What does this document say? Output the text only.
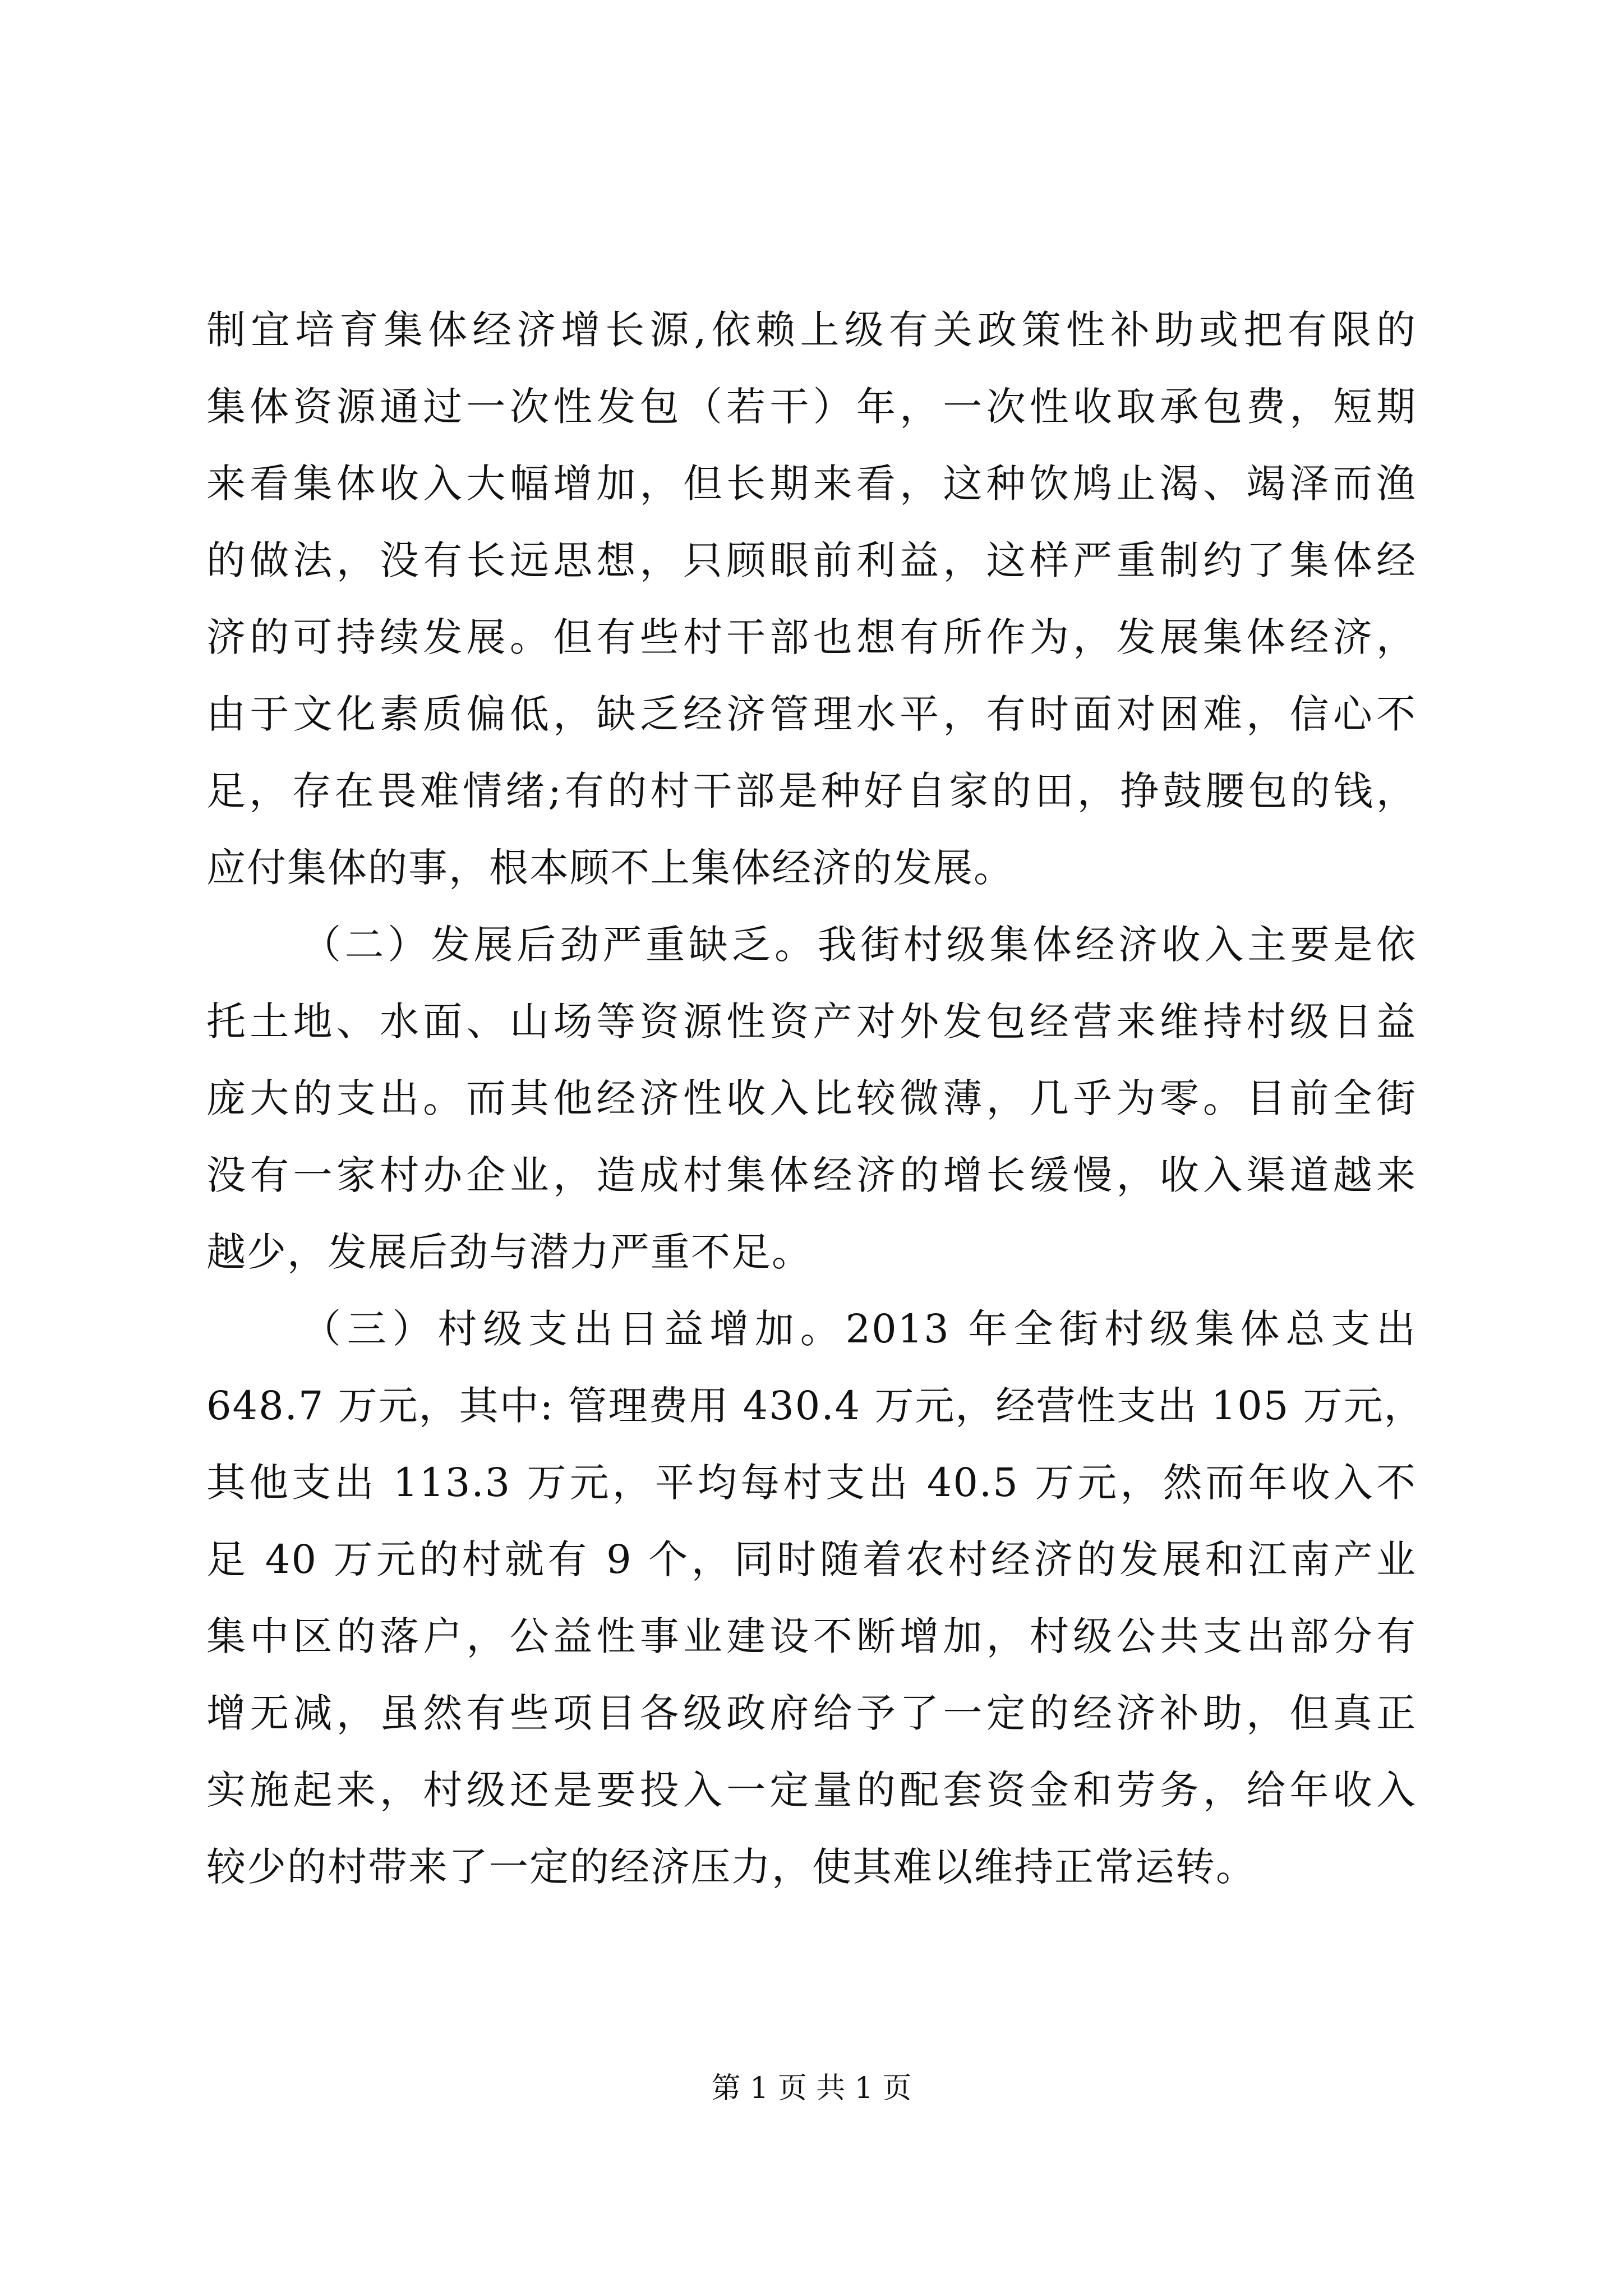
制宜培育集体经济增长源,依赖上级有关政策性补助或把有限的
集体资源通过一次性发包（若干）年，一次性收取承包费，短期
来看集体收入大幅增加，但长期来看，这种饮鸠止渴、竭泽而渔
的做法，没有长远思想，只顾眼前利益，这样严重制约了集体经
济的可持续发展。但有些村干部也想有所作为，发展集体经济，
由于文化素质偏低，缺乏经济管理水平，有时面对困难，信心不
足，存在畏难情绪;有的村干部是种好自家的田，挣鼓腰包的钱，
应付集体的事，根本顾不上集体经济的发展。
（二）发展后劲严重缺乏。我街村级集体经济收入主要是依
托土地、水面、山场等资源性资产对外发包经营来维持村级日益
庞大的支出。而其他经济性收入比较微薄，几乎为零。目前全街
没有一家村办企业，造成村集体经济的增长缓慢，收入渠道越来
越少，发展后劲与潜力严重不足。
（三）村级支出日益增加。2013 年全街村级集体总支出
648.7 万元，其中: 管理费用 430.4 万元，经营性支出 105 万元，
其他支出 113.3 万元，平均每村支出 40.5 万元，然而年收入不
足 40 万元的村就有 9 个，同时随着农村经济的发展和江南产业
集中区的落户，公益性事业建设不断增加，村级公共支出部分有
增无减，虽然有些项目各级政府给予了一定的经济补助，但真正
实施起来，村级还是要投入一定量的配套资金和劳务，给年收入
较少的村带来了一定的经济压力，使其难以维持正常运转。
第 1 页 共 1 页
